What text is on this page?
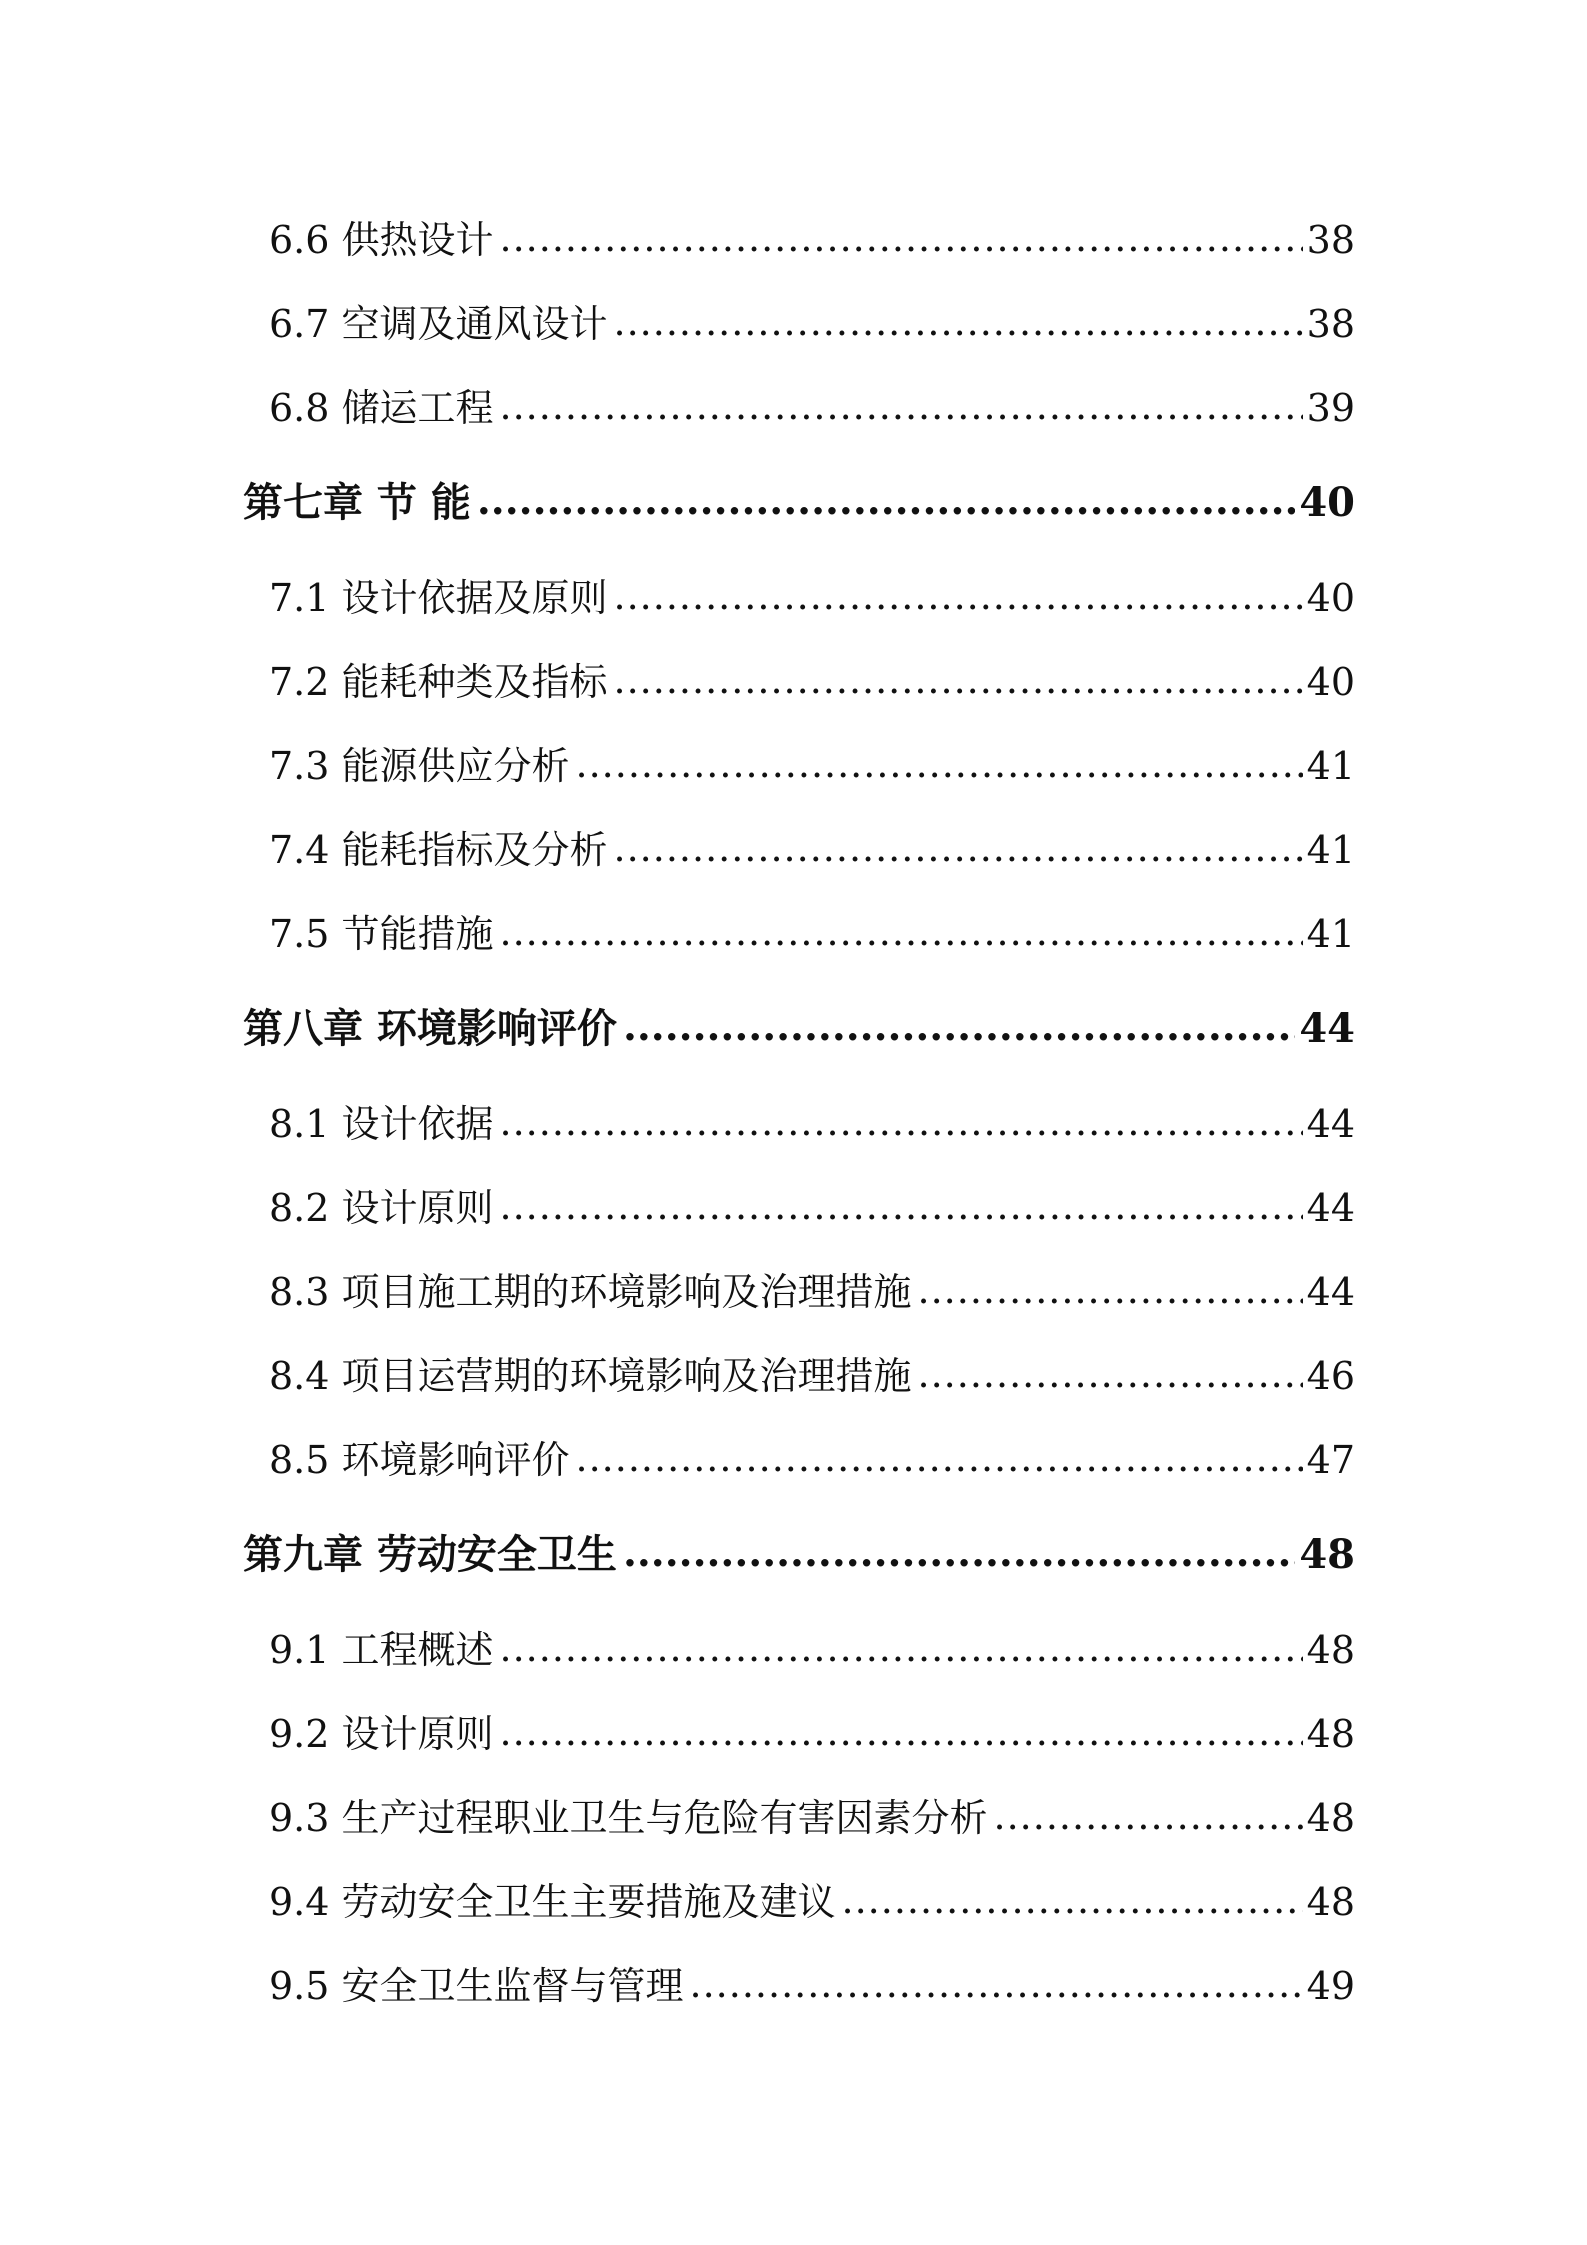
6.6 供热设计 .....	38
6.7 空调及通风设计 .....	38
6.8 储运工程 .....	39
第七章 节 能 .....	40
7.1 设计依据及原则 .....	40
7.2 能耗种类及指标 .....	40
7.3 能源供应分析 .....	41
7.4 能耗指标及分析 .....	41
7.5 节能措施 .....	41
第八章 环境影响评价 .....	44
8.1 设计依据 .....	44
8.2 设计原则 .....	44
8.3 项目施工期的环境影响及治理措施 .....	44
8.4 项目运营期的环境影响及治理措施 .....	46
8.5 环境影响评价 .....	47
第九章 劳动安全卫生 .....	48
9.1 工程概述 .....	48
9.2 设计原则 .....	48
9.3 生产过程职业卫生与危险有害因素分析 .....	48
9.4 劳动安全卫生主要措施及建议 .....	48
9.5 安全卫生监督与管理 .....	49
